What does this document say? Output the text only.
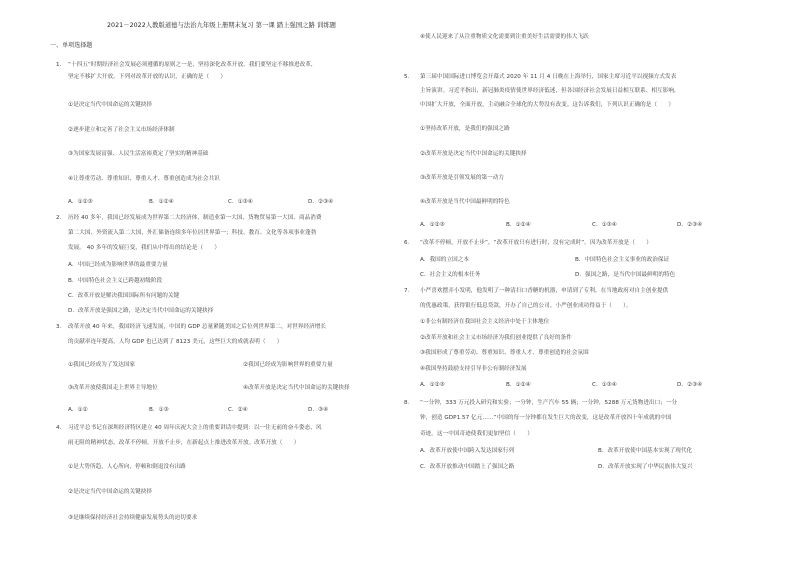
2021－2022人教版道德与法治九年级上册期末复习 第一课 踏上强国之路 训练题
一、单项选择题
1. “十四五”时期经济社会发展必须遵循的原则之一是，坚持深化改革开放。我们要坚定不移推进改革，
坚定不移扩大开放。下列对改革开放的认识，正确的是（　　）
①是决定当代中国命运的关键抉择
②逐步建立和完善了社会主义市场经济体制
③为国家发展富强、人民生活富裕奠定了坚实的精神基础
④让尊重劳动、尊重知识、尊重人才、尊重创造成为社会共识
A．①②③	B．①②④	C．①③④	D．②③④
2. 历经 40 多年，我国已经发展成为世界第二大经济体，制造业第一大国、货物贸易第一大国、商品消费
第二大国、外资流入第二大国，外汇储备连续多年位居世界第一；科技、教育、文化等各项事业蓬勃
发展。 40 多年的发展巨变，我们从中得出的结论是（　　）
A．中国已经成为影响世界的最重要力量
B．中国特色社会主义已跨越初级阶段
C．改革开放是解决我国国际所有问题的关键
D．改革开放是强国之路，是决定当代中国命运的关键抉择
3. 改革开放 40 年来，我国经济飞速发展，中国的 GDP 总量紧随美国之后位列世界第二，对世界经济增长
的贡献率连年提高，人均 GDP 也已达到了 8123 美元，这些巨大的成就表明（　　）
①我国已经成为了发达国家	②我国已经成为影响世界的重要力量
③改革开放使我国走上世界主导地位	④改革开放是决定当代中国命运的关键抉择
A．①②	B．①③	C．②④	D．③④
4. 习近平总书记在深圳经济特区建立 40 周年庆祝大会上的重要讲话中提到：以一往无前的奋斗姿态、风
雨无阻的精神状态，改革不停顿，开放不止步，在新起点上推进改革开放。改革开放（　　）
①是大势所趋，人心所向，停顿和倒退没有出路
②是决定当代中国命运的关键抉择
③是继续保持经济社会持续健康发展势头的迫切要求
④使人民迎来了从注重物质文化需要到注重美好生活需要的伟大飞跃
5. 第三届中国国际进口博览会开幕式 2020 年 11 月 4 日晚在上海举行，国家主席习近平以视频方式发表
主旨演讲。习近平指出，新冠肺炎疫情使世界经济低迷，但各国经济社会发展日益相互联系、相互影响，
中国扩大开放，全面开放，主动融合全球化的大势没有改变。这告诉我们，下列认识正确的是（　　）
①坚持改革开放，是我们的强国之路
②改革开放是决定当代中国命运的关键抉择
③改革开放是引领发展的第一动力
④改革开放是当代中国最鲜明的特色
A．①②③	B．①②④	C．①③④	D．②③④
6. “改革不停顿，开放不止步”，“改革开放只有进行时，没有完成时”。因为改革开放是（　　）
A．我国的立国之本	B．中国特色社会主义事业的政治保证
C．社会主义的根本任务	D．强国之路，是当代中国最鲜明的特色
7. 小严喜欢摆弄小发明，他发明了一种清扫口香糖的机器，申请到了专利，在当地政府对自主创业提供
的优惠政策，获得银行低息贷款，开办了自己的公司。小严创业成功得益于（　　）。
①非公有制经济在我国社会主义经济中处于主体地位
②改革开放和社会主义市场经济为我们创业提供了良好的条件
③我国形成了尊重劳动、尊重知识、尊重人才、尊重创造的社会氛围
④我国坚持鼓励支持引导非公有制经济发展
A．①②③	B．①②④	C．①③④	D．②③④
8. “一分钟，333 万元投入研究和实验；一分钟，生产汽车 55 辆；一分钟，5288 万元货物进出口；一分
钟，创造 GDP1.57 亿元……”中国的每一分钟都在发生巨大的改变，这是改革开放四十年成就的中国
奇迹。这一中国奇迹使我们更加坚信（　　）
A．改革开放使中国跨入发达国家行列	B．改革开放使中国基本实现了现代化
C．改革开放推动中国踏上了强国之路	D．改革开放实现了中华民族伟大复兴
